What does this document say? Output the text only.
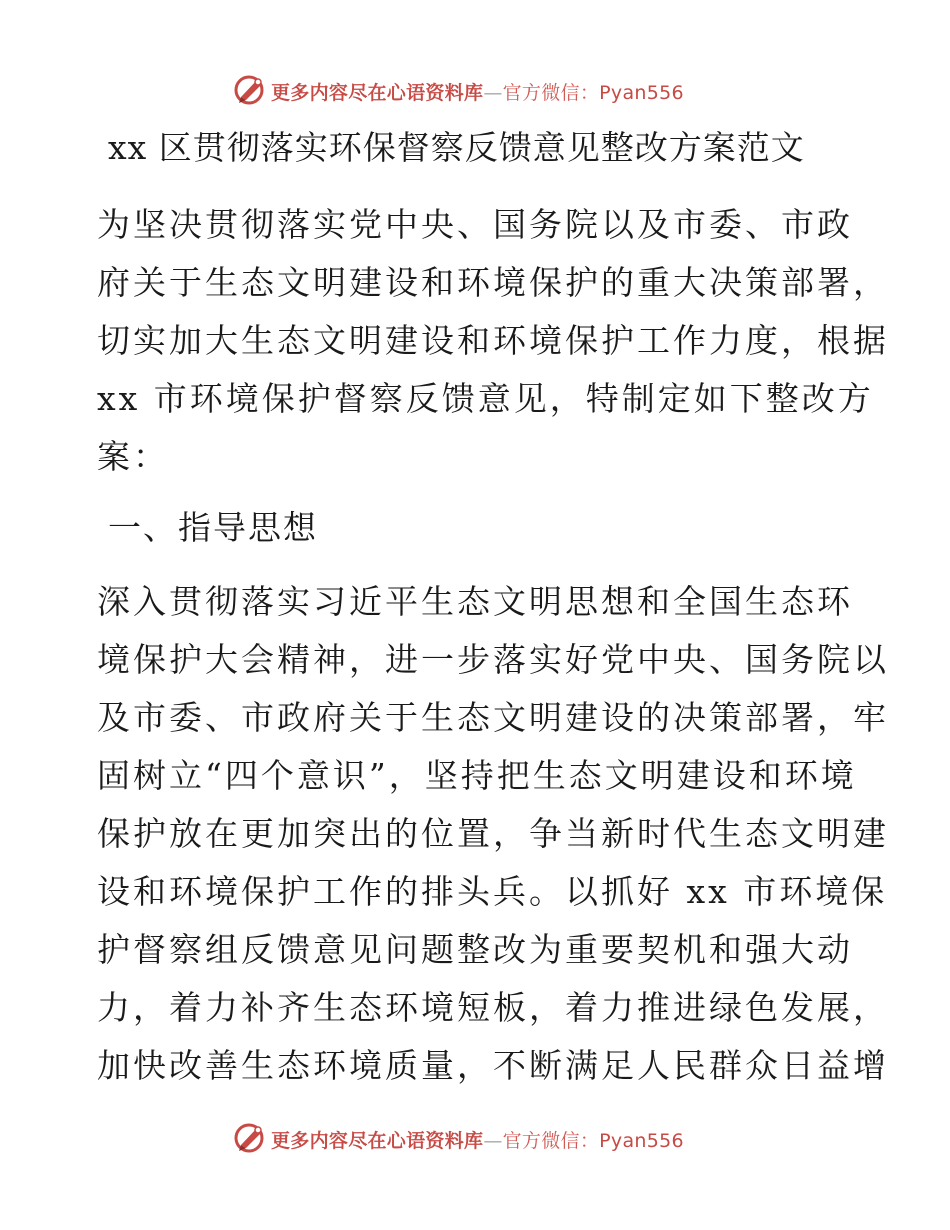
更多内容尽在心语资料库—官方微信：Pyan556
xx 区贯彻落实环保督察反馈意见整改方案范文
为坚决贯彻落实党中央、国务院以及市委、市政
府关于生态文明建设和环境保护的重大决策部署，
切实加大生态文明建设和环境保护工作力度，根据
xx 市环境保护督察反馈意见，特制定如下整改方
案：
一、指导思想
深入贯彻落实习近平生态文明思想和全国生态环
境保护大会精神，进一步落实好党中央、国务院以
及市委、市政府关于生态文明建设的决策部署，牢
固树立“四个意识”，坚持把生态文明建设和环境
保护放在更加突出的位置，争当新时代生态文明建
设和环境保护工作的排头兵。以抓好 xx 市环境保
护督察组反馈意见问题整改为重要契机和强大动
力，着力补齐生态环境短板，着力推进绿色发展，
加快改善生态环境质量，不断满足人民群众日益增
更多内容尽在心语资料库—官方微信：Pyan556
